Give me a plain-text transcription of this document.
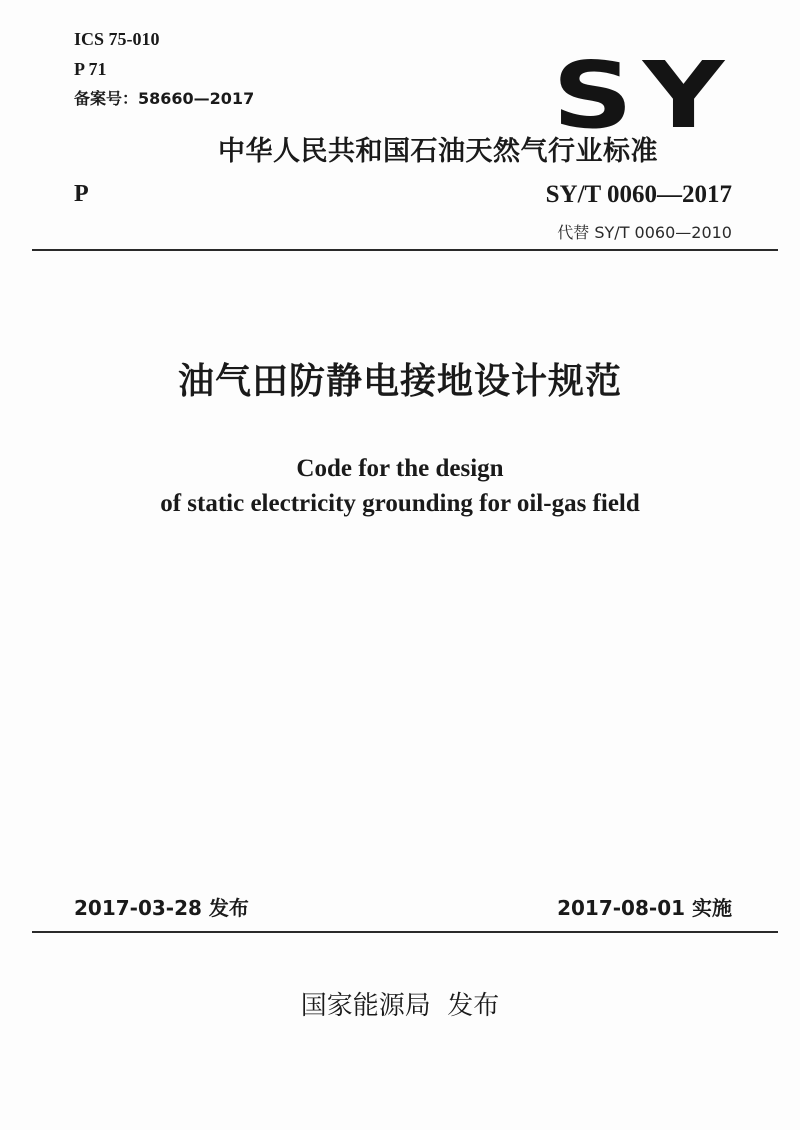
ICS 75-010
P 71
备案号：58660—2017	SY
中华人民共和国石油天然气行业标准
P	SY/T 0060—2017
代替 SY/T 0060—2010
油气田防静电接地设计规范
Code for the design
of static electricity grounding for oil-gas field
2017-03-28 发布	2017-08-01 实施
国家能源局  发布
